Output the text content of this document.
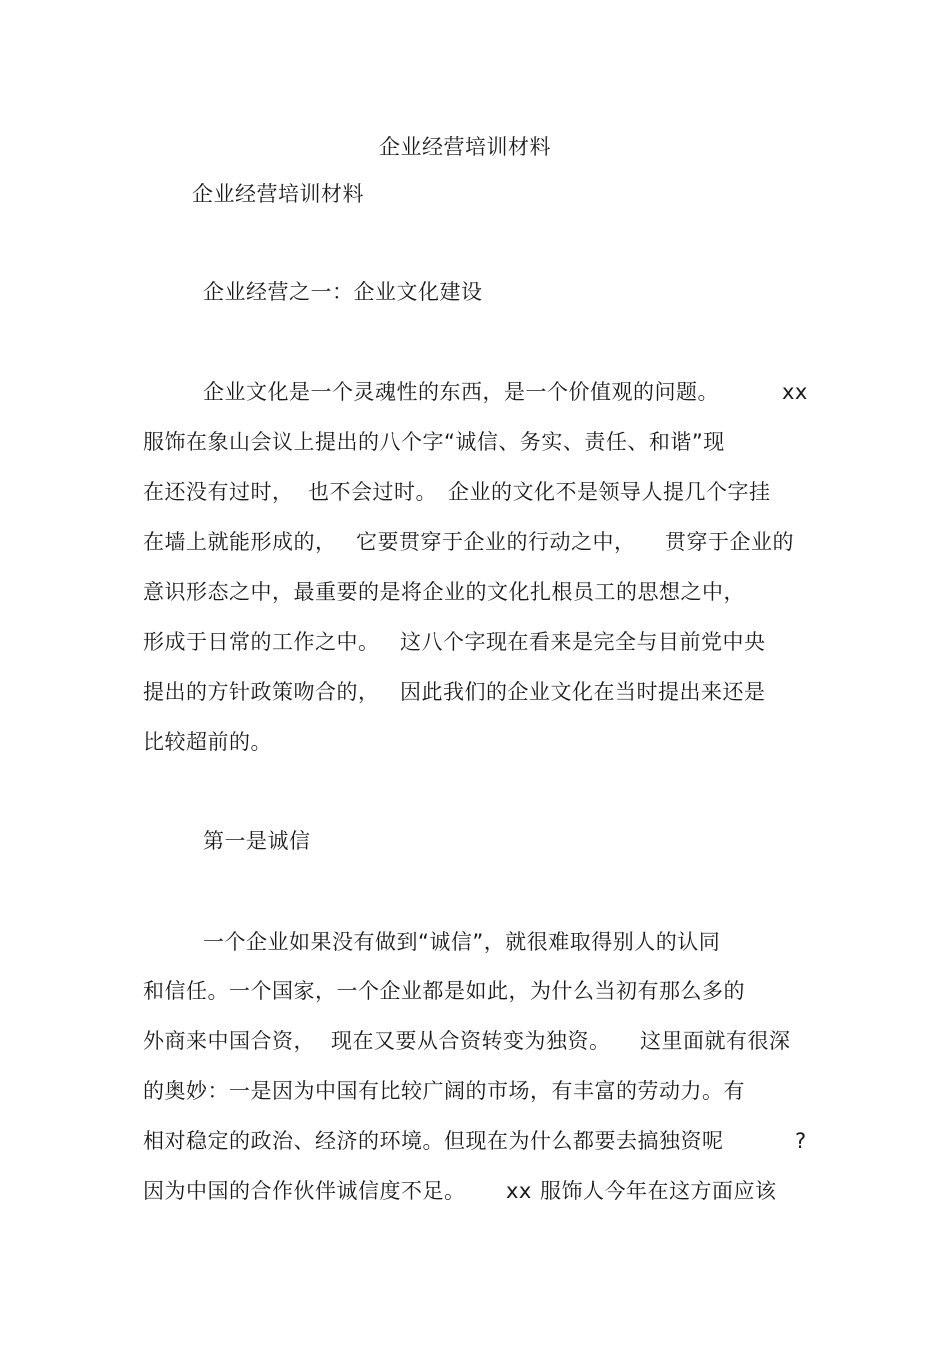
企业经营培训材料
企业经营培训材料
企业经营之一：企业文化建设
企业文化是一个灵魂性的东西，是一个价值观的问题。	xx
服饰在象山会议上提出的八个字“诚信、务实、责任、和谐”现
在还没有过时， 也不会过时。 企业的文化不是领导人提几个字挂
在墙上就能形成的， 它要贯穿于企业的行动之中， 贯穿于企业的
意识形态之中，最重要的是将企业的文化扎根员工的思想之中，
形成于日常的工作之中。 这八个字现在看来是完全与目前党中央
提出的方针政策吻合的， 因此我们的企业文化在当时提出来还是
比较超前的。
第一是诚信
一个企业如果没有做到“诚信”，就很难取得别人的认同
和信任。一个国家，一个企业都是如此，为什么当初有那么多的
外商来中国合资， 现在又要从合资转变为独资。 这里面就有很深
的奥妙：一是因为中国有比较广阔的市场，有丰富的劳动力。有
相对稳定的政治、经济的环境。但现在为什么都要去搞独资呢	?
因为中国的合作伙伴诚信度不足。 xx 服饰人今年在这方面应该
